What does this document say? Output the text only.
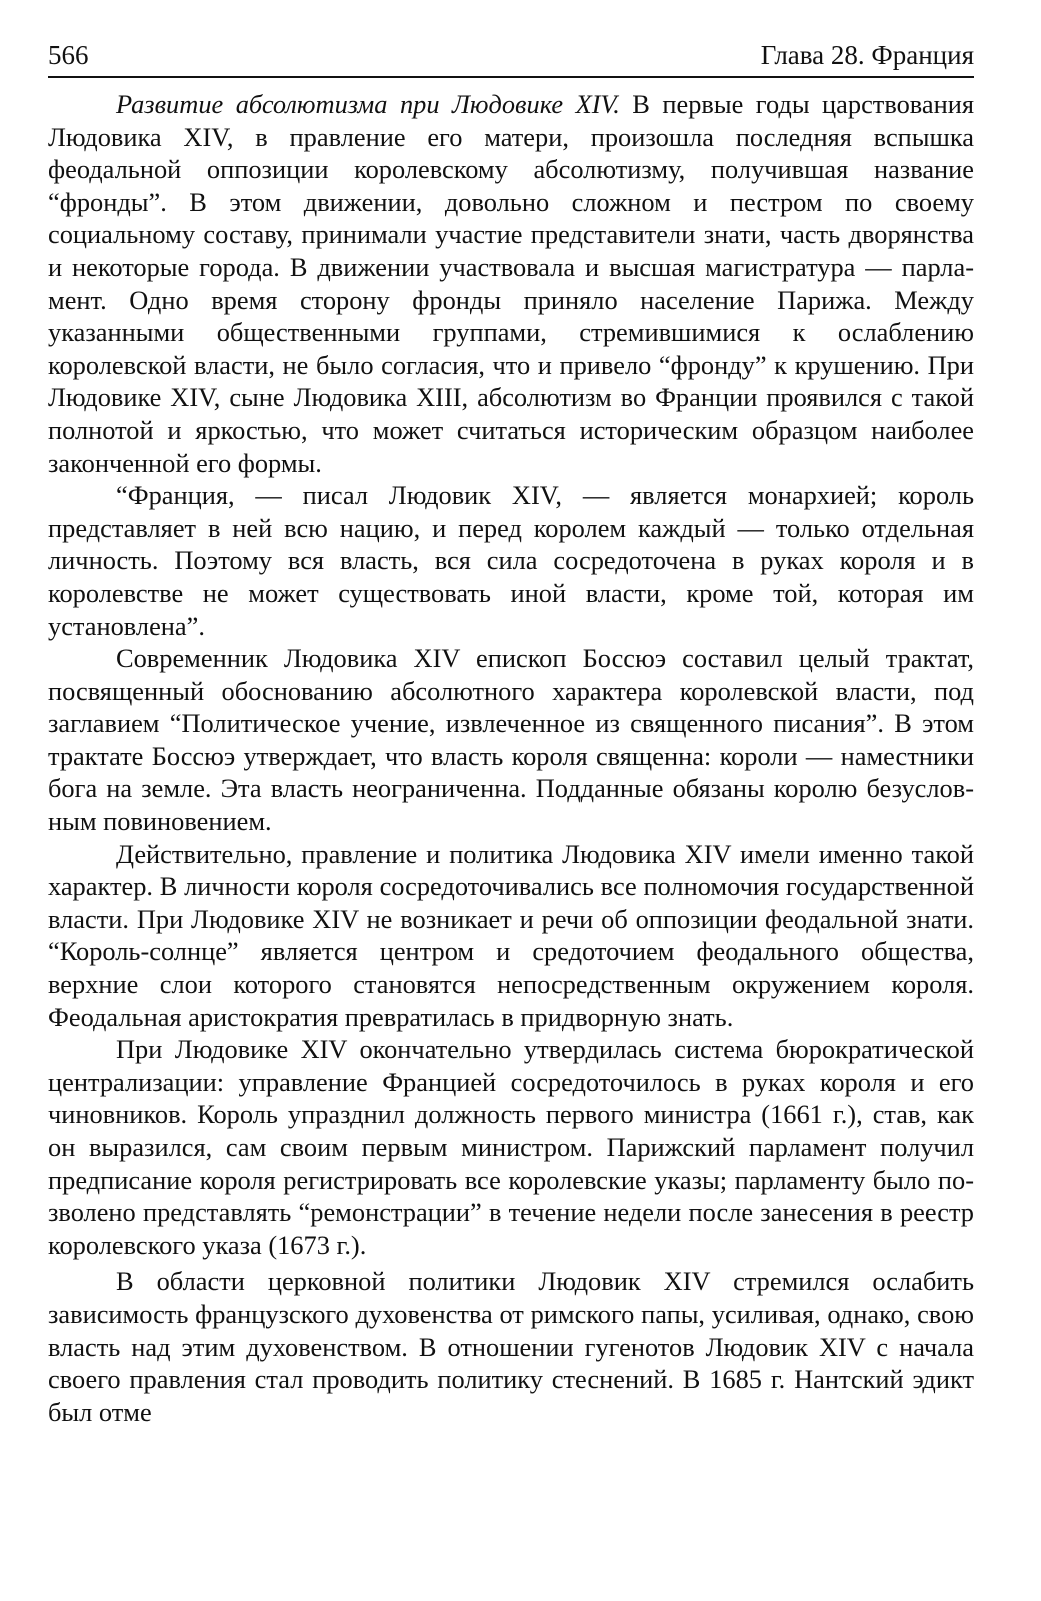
566	Глава 28. Франция

Развитие абсолютизма при Людовике XIV. В первые годы царствования Людовика XIV, в правление его матери, произошла последняя вспышка феодальной оппозиции королевскому абсолютизму, получившая название “фронды”. В этом движении, довольно сложном и пестром по своему социальному составу, принимали участие представители знати, часть дворянства и некоторые города. В движении участвовала и высшая магистратура — парламент. Одно время сторону фронды приняло население Парижа. Между указанными общественными группами, стремившимися к ослаблению королевской власти, не было согласия, что и привело “фронду” к крушению. При Людовике XIV, сыне Людовика XIII, абсолютизм во Франции проявился с такой полнотой и яркостью, что может считаться историческим образцом наиболее законченной его формы.

“Франция, — писал Людовик XIV, — является монархией; король представляет в ней всю нацию, и перед королем каждый — только отдельная личность. Поэтому вся власть, вся сила сосредоточена в руках короля и в королевстве не может существовать иной власти, кроме той, которая им установлена”.

Современник Людовика XIV епископ Боссюэ составил целый трактат, посвященный обоснованию абсолютного характера королевской власти, под заглавием “Политическое учение, извлеченное из священного писания”. В этом трактате Боссюэ утверждает, что власть короля священна: короли — наместники бога на земле. Эта власть неограниченна. Подданные обязаны королю безусловным повиновением.

Действительно, правление и политика Людовика XIV имели именно такой характер. В личности короля сосредоточивались все полномочия государственной власти. При Людовике XIV не возникает и речи об оппозиции феодальной знати. “Король-солнце” является центром и средоточием феодального общества, верхние слои которого становятся непосредственным окружением короля. Феодальная аристократия превратилась в придворную знать.

При Людовике XIV окончательно утвердилась система бюрократической централизации: управление Францией сосредоточилось в руках короля и его чиновников. Король упразднил должность первого министра (1661 г.), став, как он выразился, сам своим первым министром. Парижский парламент получил предписание короля регистрировать все королевские указы; парламенту было позволено представлять “ремонстрации” в течение недели после занесения в реестр королевского указа (1673 г.).

В области церковной политики Людовик XIV стремился ослабить зависимость французского духовенства от римского папы, усиливая, однако, свою власть над этим духовенством. В отношении гугенотов Людовик XIV с начала своего правления стал проводить политику стеснений. В 1685 г. Нантский эдикт был отме
